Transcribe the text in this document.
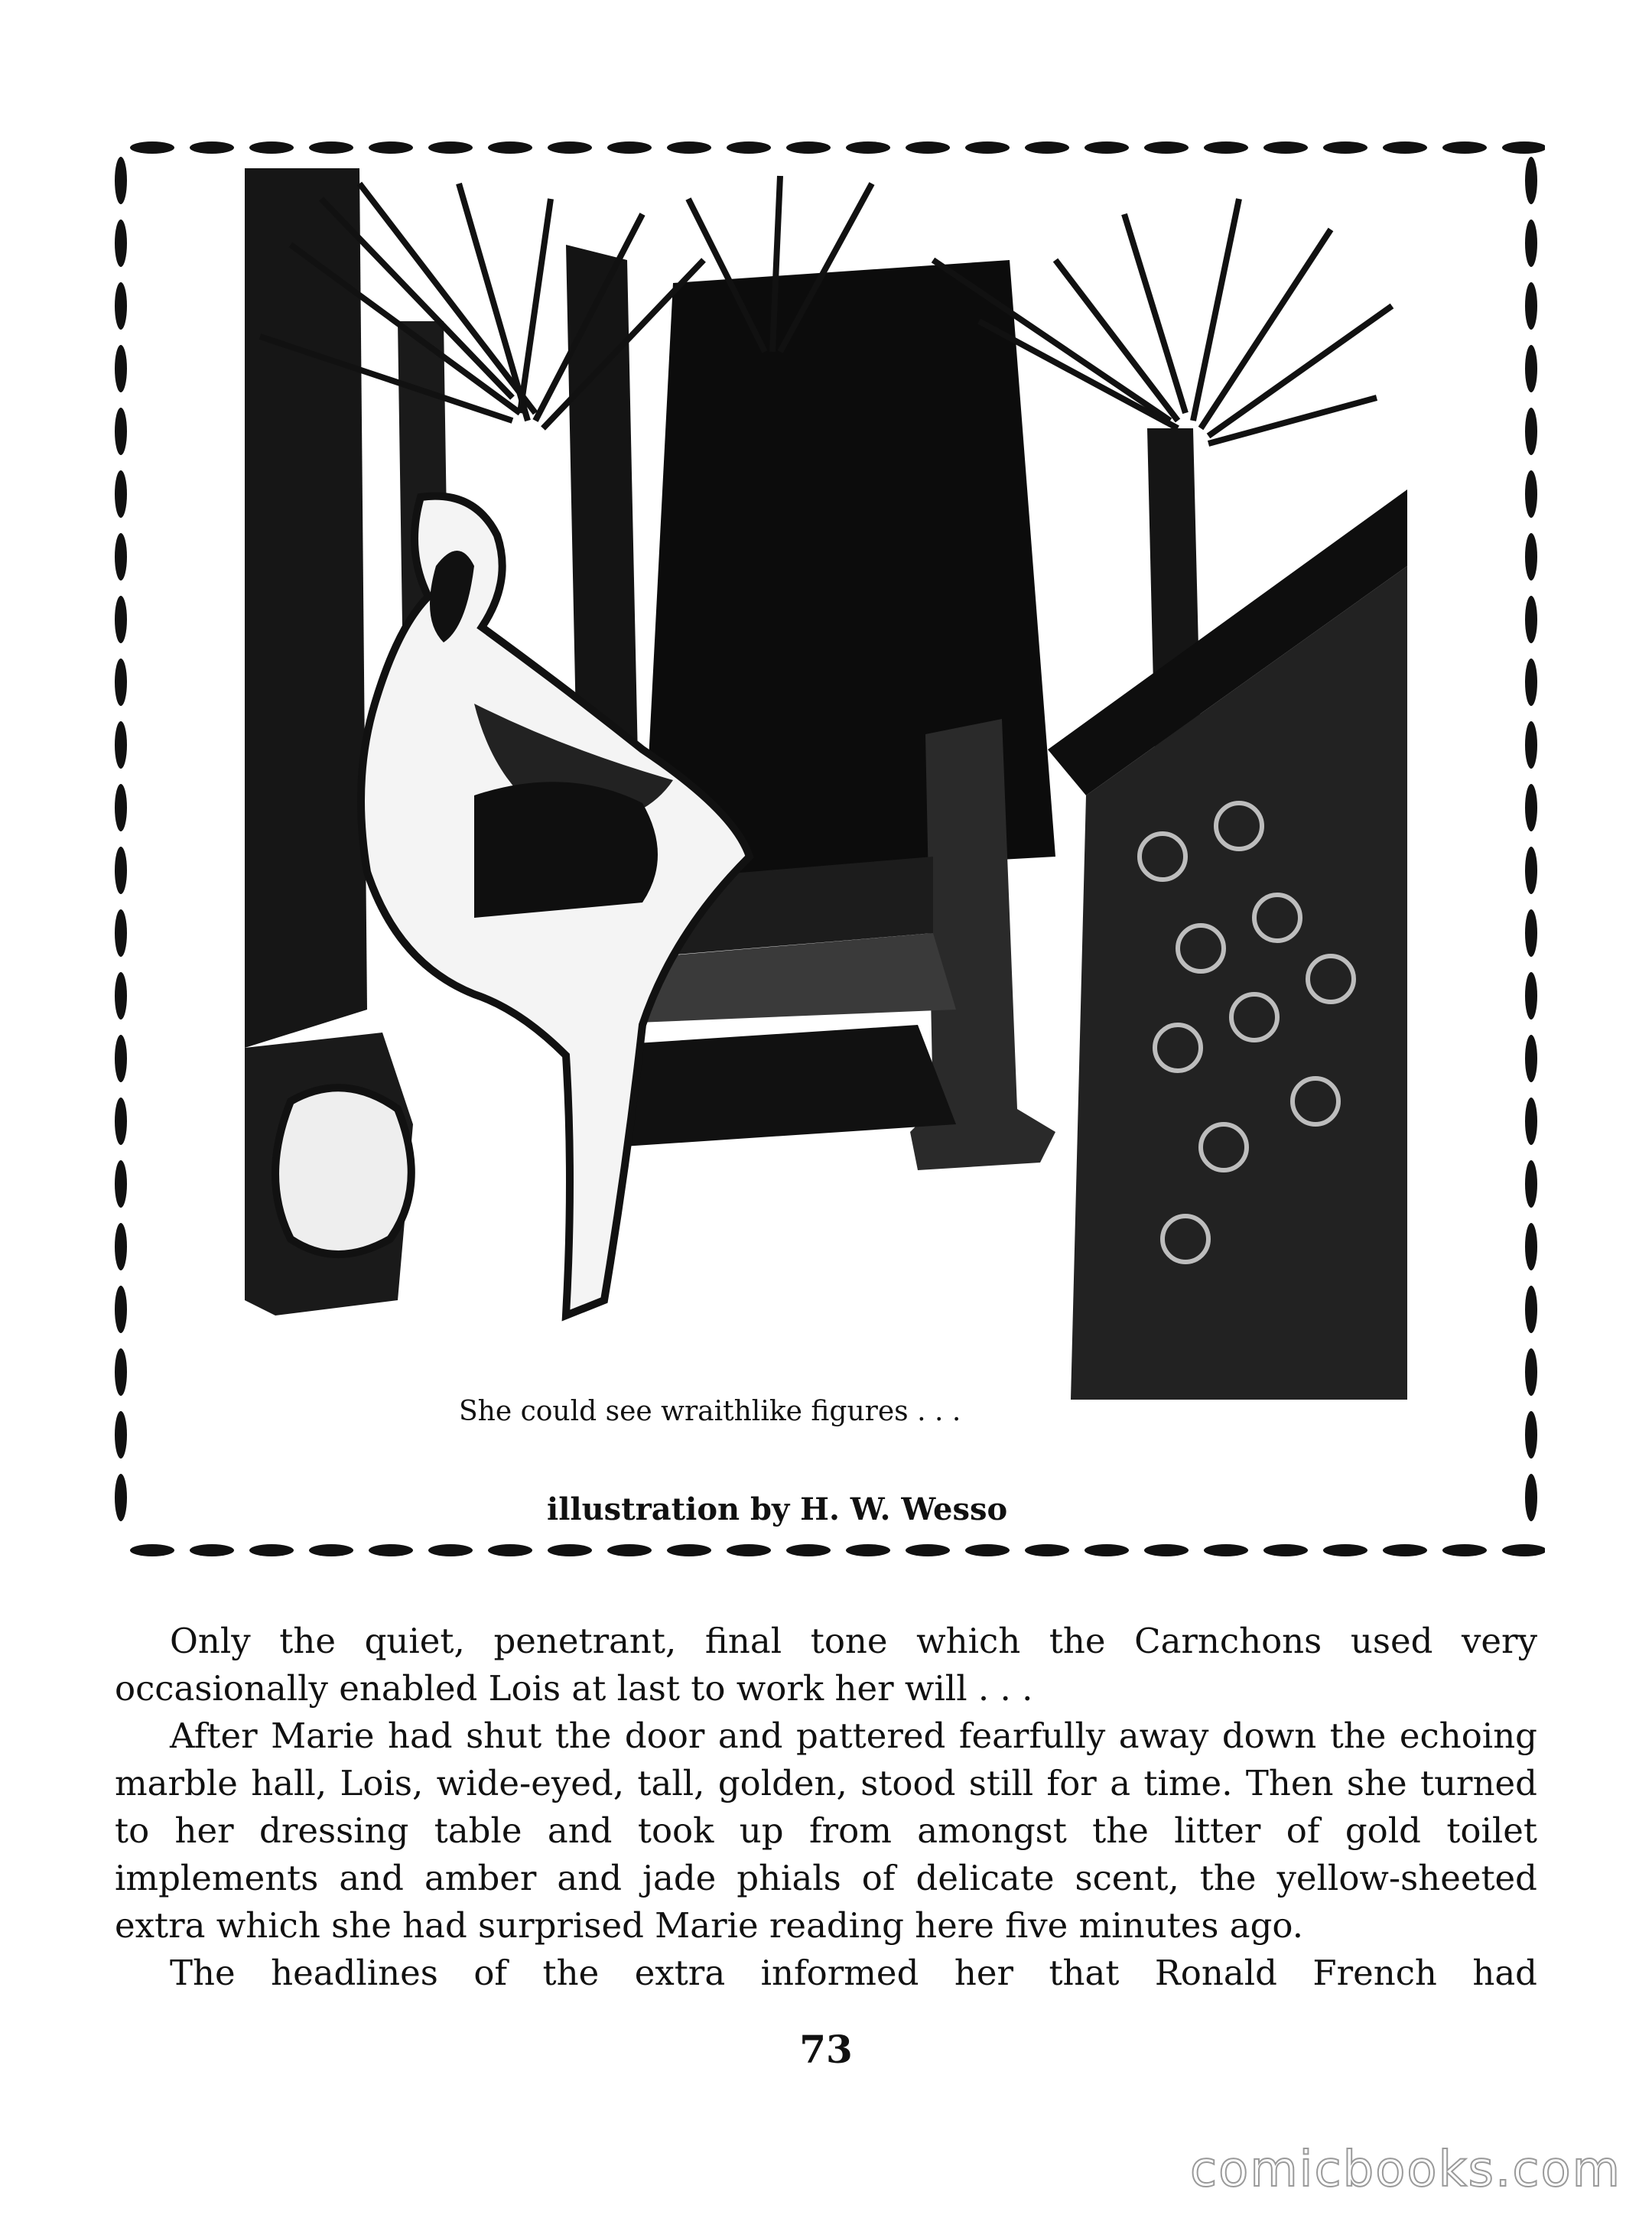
She could see wraithlike figures . . .
illustration by H. W. Wesso

Only the quiet, penetrant, final tone which the Carnchons used very occasionally enabled Lois at last to work her will . . .

After Marie had shut the door and pattered fearfully away down the echoing marble hall, Lois, wide-eyed, tall, golden, stood still for a time. Then she turned to her dressing table and took up from amongst the litter of gold toilet implements and amber and jade phials of delicate scent, the yellow-sheeted extra which she had surprised Marie reading here five minutes ago.

The headlines of the extra informed her that Ronald French had

73
comicbooks.com
